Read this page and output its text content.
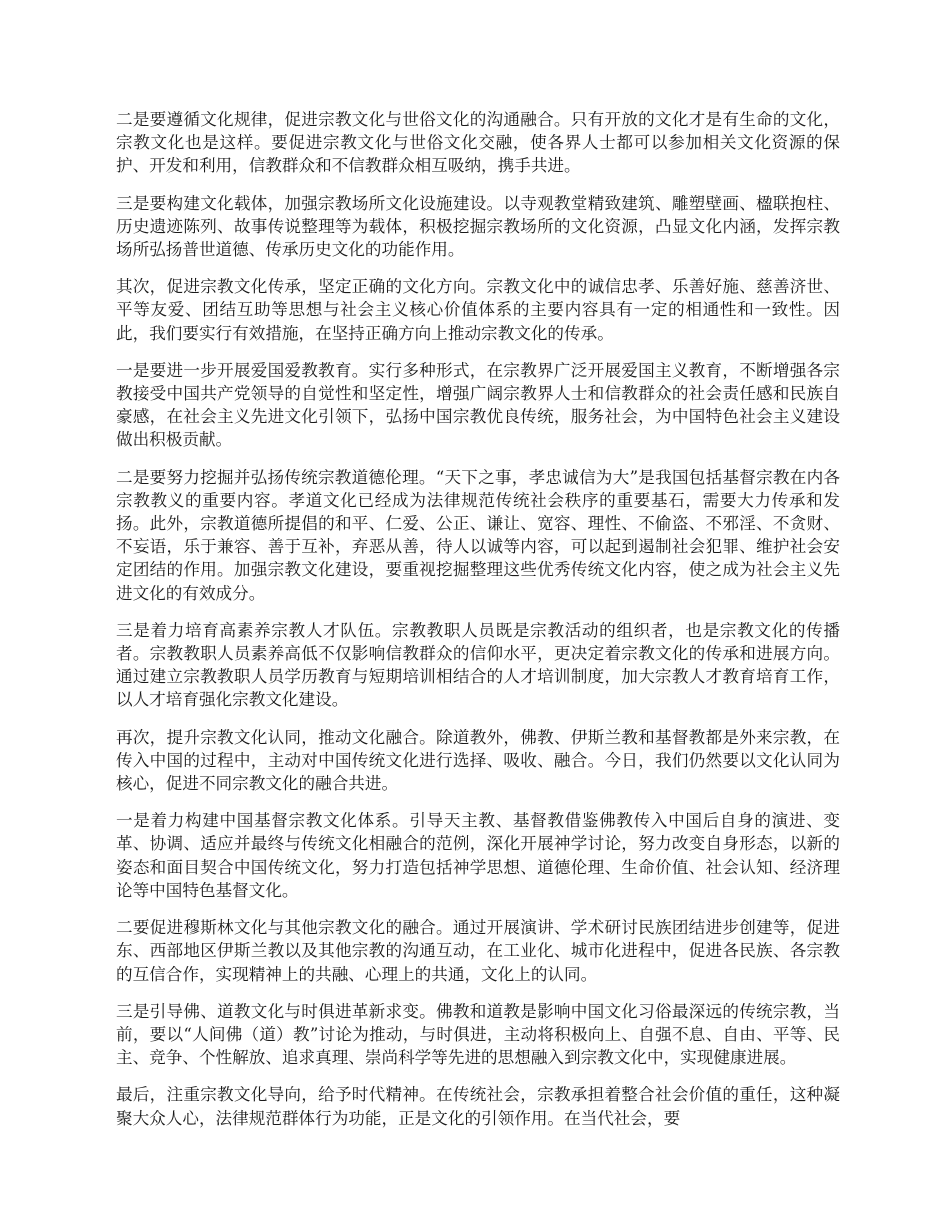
二是要遵循文化规律，促进宗教文化与世俗文化的沟通融合。只有开放的文化才是有生命的文化，宗教文化也是这样。要促进宗教文化与世俗文化交融，使各界人士都可以参加相关文化资源的保护、开发和利用，信教群众和不信教群众相互吸纳，携手共进。

三是要构建文化载体，加强宗教场所文化设施建设。以寺观教堂精致建筑、雕塑壁画、楹联抱柱、历史遗迹陈列、故事传说整理等为载体，积极挖掘宗教场所的文化资源，凸显文化内涵，发挥宗教场所弘扬普世道德、传承历史文化的功能作用。

其次，促进宗教文化传承，坚定正确的文化方向。宗教文化中的诚信忠孝、乐善好施、慈善济世、平等友爱、团结互助等思想与社会主义核心价值体系的主要内容具有一定的相通性和一致性。因此，我们要实行有效措施，在坚持正确方向上推动宗教文化的传承。

一是要进一步开展爱国爱教教育。实行多种形式，在宗教界广泛开展爱国主义教育，不断增强各宗教接受中国共产党领导的自觉性和坚定性，增强广阔宗教界人士和信教群众的社会责任感和民族自豪感，在社会主义先进文化引领下，弘扬中国宗教优良传统，服务社会，为中国特色社会主义建设做出积极贡献。

二是要努力挖掘并弘扬传统宗教道德伦理。“天下之事，孝忠诚信为大”是我国包括基督宗教在内各宗教教义的重要内容。孝道文化已经成为法律规范传统社会秩序的重要基石，需要大力传承和发扬。此外，宗教道德所提倡的和平、仁爱、公正、谦让、宽容、理性、不偷盗、不邪淫、不贪财、不妄语，乐于兼容、善于互补，弃恶从善，待人以诚等内容，可以起到遏制社会犯罪、维护社会安定团结的作用。加强宗教文化建设，要重视挖掘整理这些优秀传统文化内容，使之成为社会主义先进文化的有效成分。

三是着力培育高素养宗教人才队伍。宗教教职人员既是宗教活动的组织者，也是宗教文化的传播者。宗教教职人员素养高低不仅影响信教群众的信仰水平，更决定着宗教文化的传承和进展方向。通过建立宗教教职人员学历教育与短期培训相结合的人才培训制度，加大宗教人才教育培育工作，以人才培育强化宗教文化建设。

再次，提升宗教文化认同，推动文化融合。除道教外，佛教、伊斯兰教和基督教都是外来宗教，在传入中国的过程中，主动对中国传统文化进行选择、吸收、融合。今日，我们仍然要以文化认同为核心，促进不同宗教文化的融合共进。

一是着力构建中国基督宗教文化体系。引导天主教、基督教借鉴佛教传入中国后自身的演进、变革、协调、适应并最终与传统文化相融合的范例，深化开展神学讨论，努力改变自身形态，以新的姿态和面目契合中国传统文化，努力打造包括神学思想、道德伦理、生命价值、社会认知、经济理论等中国特色基督文化。

二要促进穆斯林文化与其他宗教文化的融合。通过开展演讲、学术研讨民族团结进步创建等，促进东、西部地区伊斯兰教以及其他宗教的沟通互动，在工业化、城市化进程中，促进各民族、各宗教的互信合作，实现精神上的共融、心理上的共通，文化上的认同。

三是引导佛、道教文化与时俱进革新求变。佛教和道教是影响中国文化习俗最深远的传统宗教，当前，要以“人间佛（道）教”讨论为推动，与时俱进，主动将积极向上、自强不息、自由、平等、民主、竞争、个性解放、追求真理、崇尚科学等先进的思想融入到宗教文化中，实现健康进展。

最后，注重宗教文化导向，给予时代精神。在传统社会，宗教承担着整合社会价值的重任，这种凝聚大众人心，法律规范群体行为功能，正是文化的引领作用。在当代社会，要
